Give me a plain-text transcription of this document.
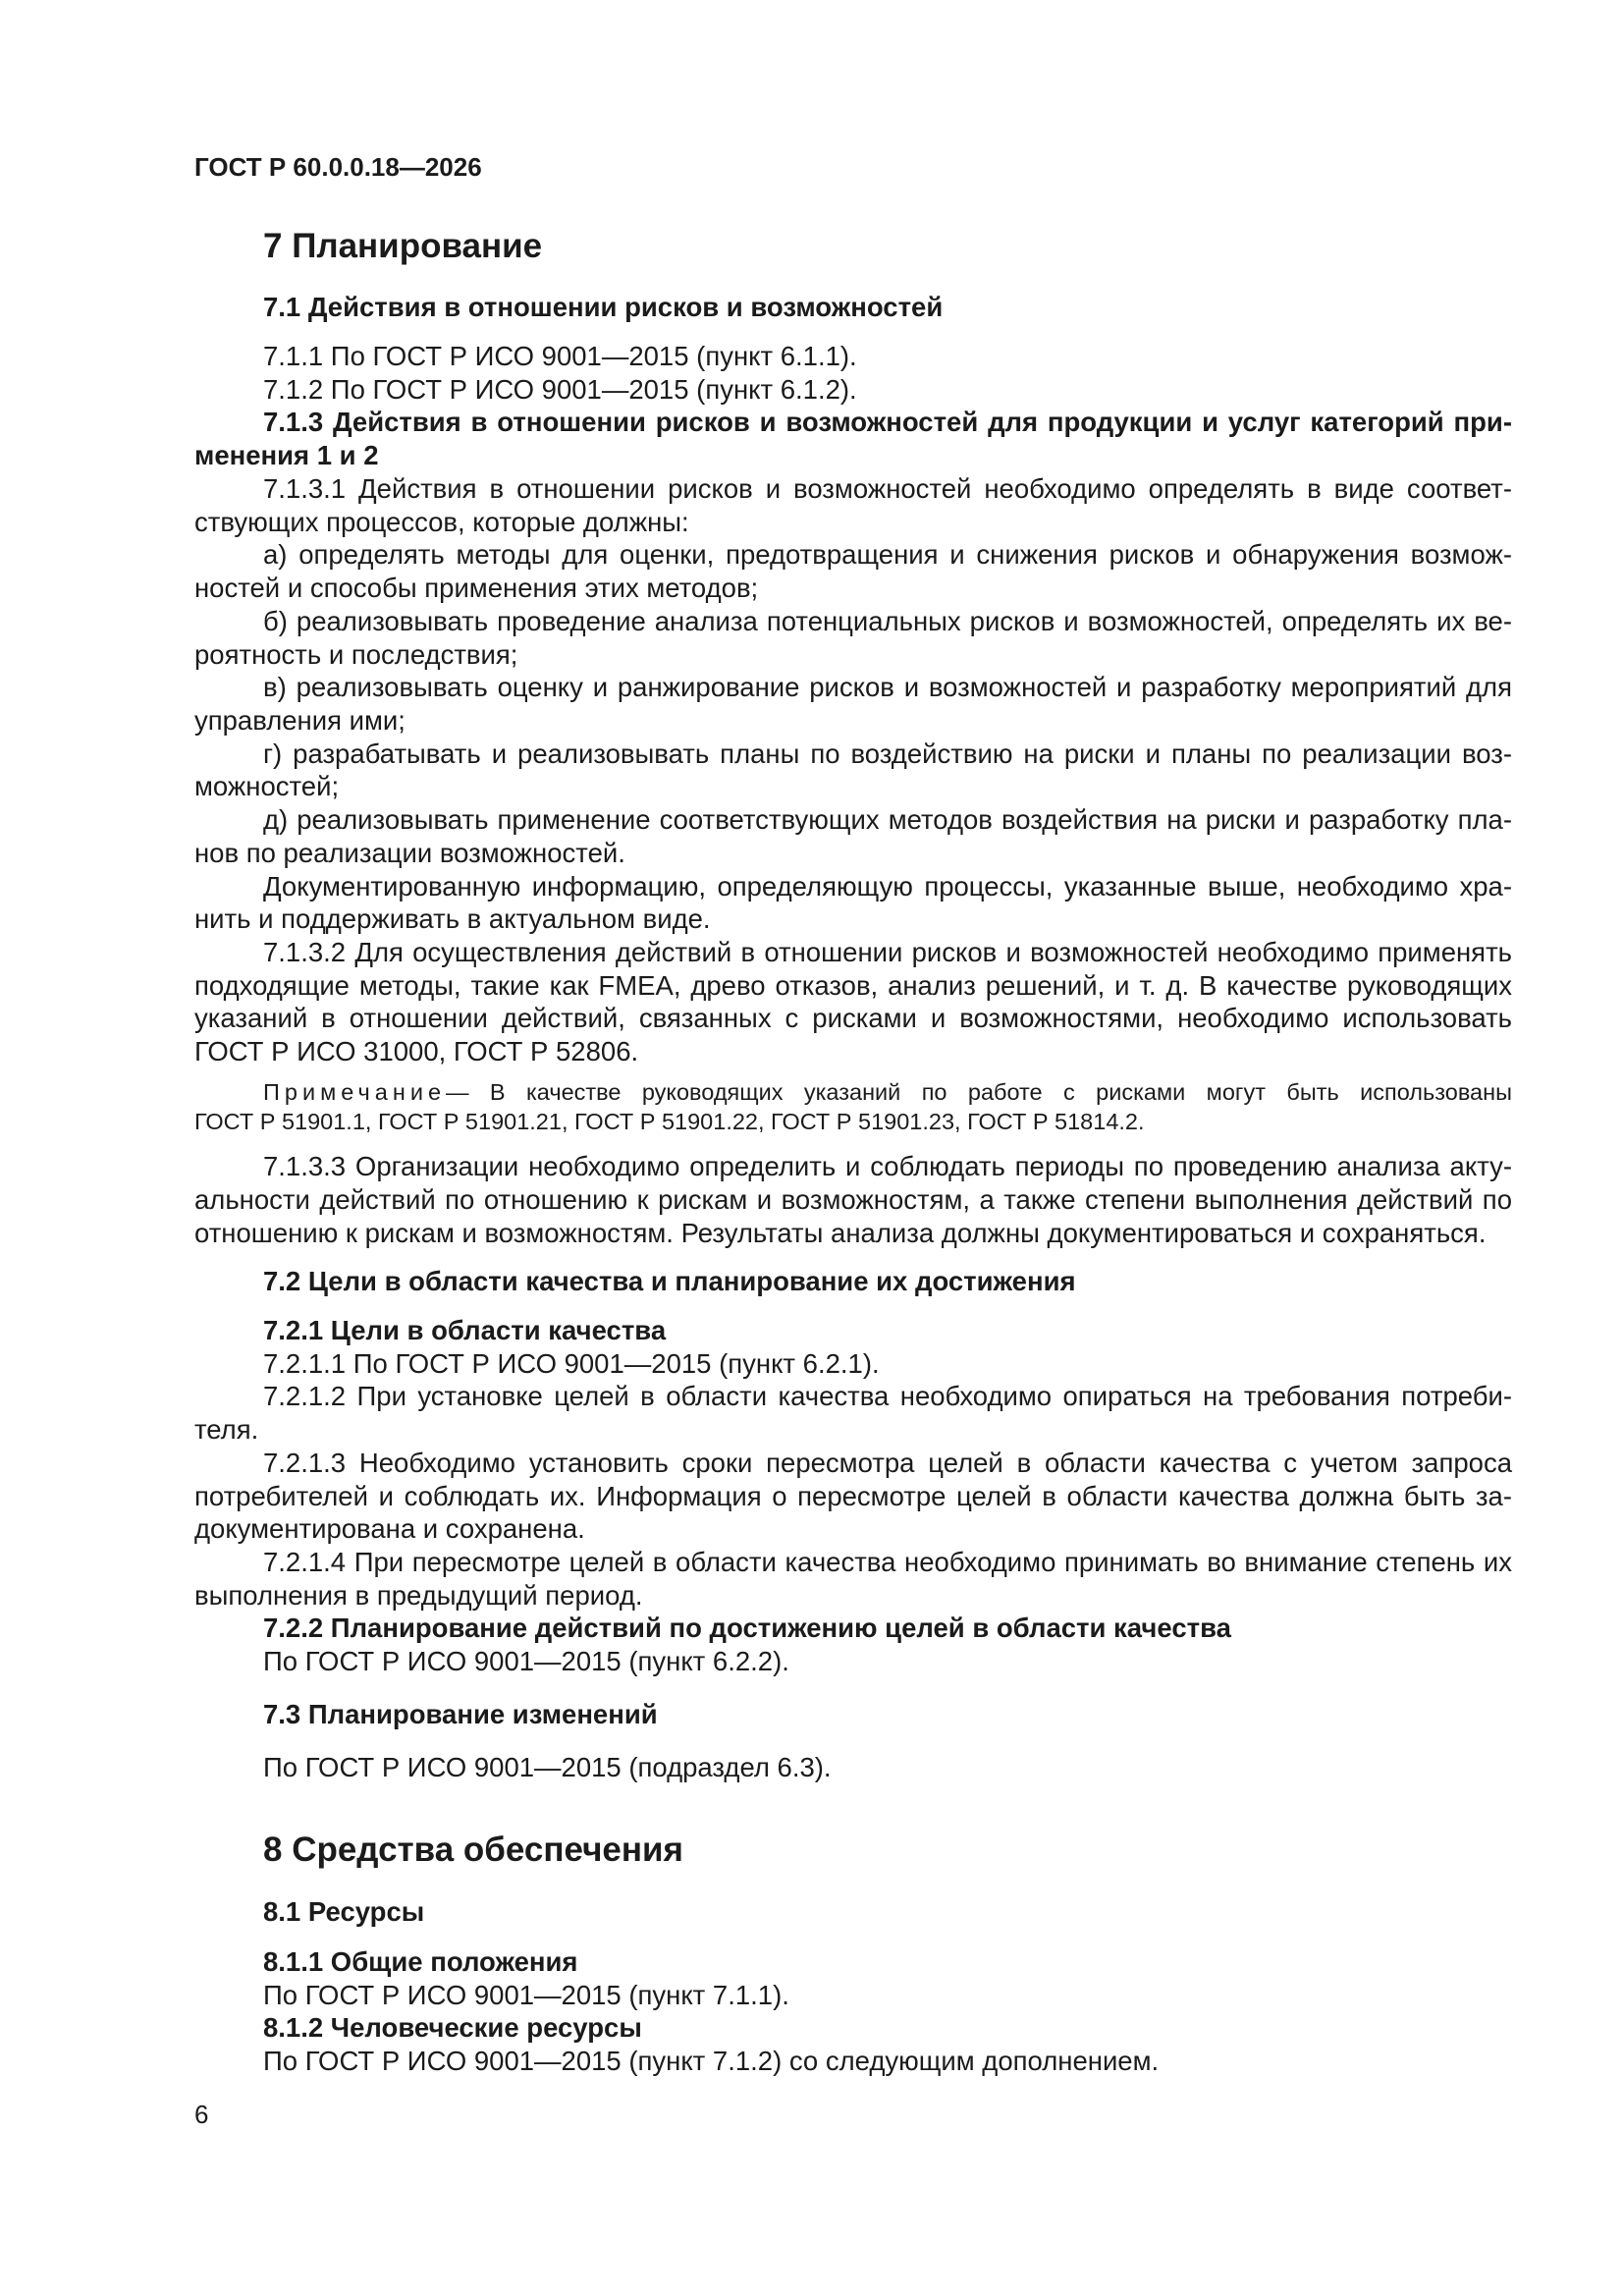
ГОСТ Р 60.0.0.18—2026
7 Планирование
7.1 Действия в отношении рисков и возможностей
7.1.1 По ГОСТ Р ИСО 9001—2015 (пункт 6.1.1).
7.1.2 По ГОСТ Р ИСО 9001—2015 (пункт 6.1.2).
7.1.3 Действия в отношении рисков и возможностей для продукции и услуг категорий при-
менения 1 и 2
7.1.3.1 Действия в отношении рисков и возможностей необходимо определять в виде соответ-
ствующих процессов, которые должны:
а) определять методы для оценки, предотвращения и снижения рисков и обнаружения возмож-
ностей и способы применения этих методов;
б) реализовывать проведение анализа потенциальных рисков и возможностей, определять их ве-
роятность и последствия;
в) реализовывать оценку и ранжирование рисков и возможностей и разработку мероприятий для
управления ими;
г) разрабатывать и реализовывать планы по воздействию на риски и планы по реализации воз-
можностей;
д) реализовывать применение соответствующих методов воздействия на риски и разработку пла-
нов по реализации возможностей.
Документированную информацию, определяющую процессы, указанные выше, необходимо хра-
нить и поддерживать в актуальном виде.
7.1.3.2 Для осуществления действий в отношении рисков и возможностей необходимо применять
подходящие методы, такие как FMEA, древо отказов, анализ решений, и т. д. В качестве руководящих
указаний в отношении действий, связанных с рисками и возможностями, необходимо использовать
ГОСТ Р ИСО 31000, ГОСТ Р 52806.
Примечание — В качестве руководящих указаний по работе с рисками могут быть использованы
ГОСТ Р 51901.1, ГОСТ Р 51901.21, ГОСТ Р 51901.22, ГОСТ Р 51901.23, ГОСТ Р 51814.2.
7.1.3.3 Организации необходимо определить и соблюдать периоды по проведению анализа акту-
альности действий по отношению к рискам и возможностям, а также степени выполнения действий по
отношению к рискам и возможностям. Результаты анализа должны документироваться и сохраняться.
7.2 Цели в области качества и планирование их достижения
7.2.1 Цели в области качества
7.2.1.1 По ГОСТ Р ИСО 9001—2015 (пункт 6.2.1).
7.2.1.2 При установке целей в области качества необходимо опираться на требования потреби-
теля.
7.2.1.3 Необходимо установить сроки пересмотра целей в области качества с учетом запроса
потребителей и соблюдать их. Информация о пересмотре целей в области качества должна быть за-
документирована и сохранена.
7.2.1.4 При пересмотре целей в области качества необходимо принимать во внимание степень их
выполнения в предыдущий период.
7.2.2 Планирование действий по достижению целей в области качества
По ГОСТ Р ИСО 9001—2015 (пункт 6.2.2).
7.3 Планирование изменений
По ГОСТ Р ИСО 9001—2015 (подраздел 6.3).
8 Средства обеспечения
8.1 Ресурсы
8.1.1 Общие положения
По ГОСТ Р ИСО 9001—2015 (пункт 7.1.1).
8.1.2 Человеческие ресурсы
По ГОСТ Р ИСО 9001—2015 (пункт 7.1.2) со следующим дополнением.
6
